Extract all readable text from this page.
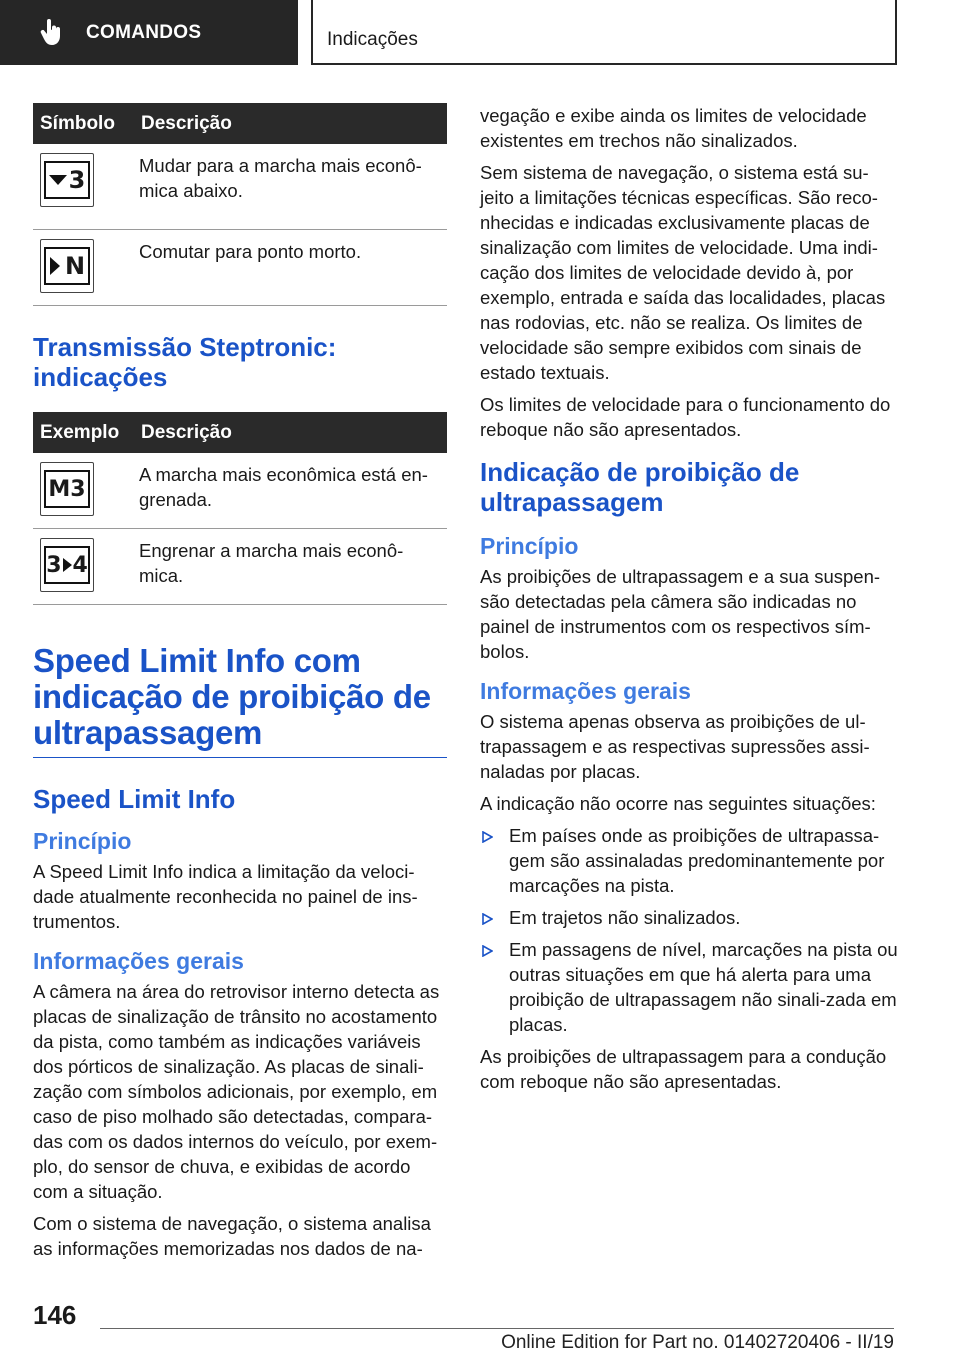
COMANDOS	Indicações
Símbolo	Descrição

3	Mudar para a marcha mais econô-mica abaixo.

N	Comutar para ponto morto.
Transmissão Steptronic: indicações
Exemplo	Descrição

M3	A marcha mais econômica está en-grenada.

3 4	Engrenar a marcha mais econô-mica.
Speed Limit Info com indicação de proibição de ultrapassagem
Speed Limit Info
Princípio

A Speed Limit Info indica a limitação da veloci-dade atualmente reconhecida no painel de ins-trumentos.

Informações gerais

A câmera na área do retrovisor interno detecta as placas de sinalização de trânsito no acostamento da pista, como também as indicações variáveis dos pórticos de sinalização. As placas de sinali-zação com símbolos adicionais, por exemplo, em caso de piso molhado são detectadas, compara-das com os dados internos do veículo, por exem-plo, do sensor de chuva, e exibidas de acordo com a situação.

Com o sistema de navegação, o sistema analisa as informações memorizadas nos dados de na-

vegação e exibe ainda os limites de velocidade existentes em trechos não sinalizados.

Sem sistema de navegação, o sistema está su-jeito a limitações técnicas específicas. São reco-nhecidas e indicadas exclusivamente placas de sinalização com limites de velocidade. Uma indi-cação dos limites de velocidade devido à, por exemplo, entrada e saída das localidades, placas nas rodovias, etc. não se realiza. Os limites de velocidade são sempre exibidos com sinais de estado textuais.

Os limites de velocidade para o funcionamento do reboque não são apresentados.

Indicação de proibição de ultrapassagem
Princípio

As proibições de ultrapassagem e a sua suspen-são detectadas pela câmera são indicadas no painel de instrumentos com os respectivos sím-bolos.

Informações gerais

O sistema apenas observa as proibições de ul-trapassagem e as respectivas supressões assi-naladas por placas.

A indicação não ocorre nas seguintes situações:

Em países onde as proibições de ultrapassa-gem são assinaladas predominantemente por marcações na pista.
Em trajetos não sinalizados.
Em passagens de nível, marcações na pista ou outras situações em que há alerta para uma proibição de ultrapassagem não sinali-zada em placas.

As proibições de ultrapassagem para a condução com reboque não são apresentadas.

146
Online Edition for Part no. 01402720406 - II/19
